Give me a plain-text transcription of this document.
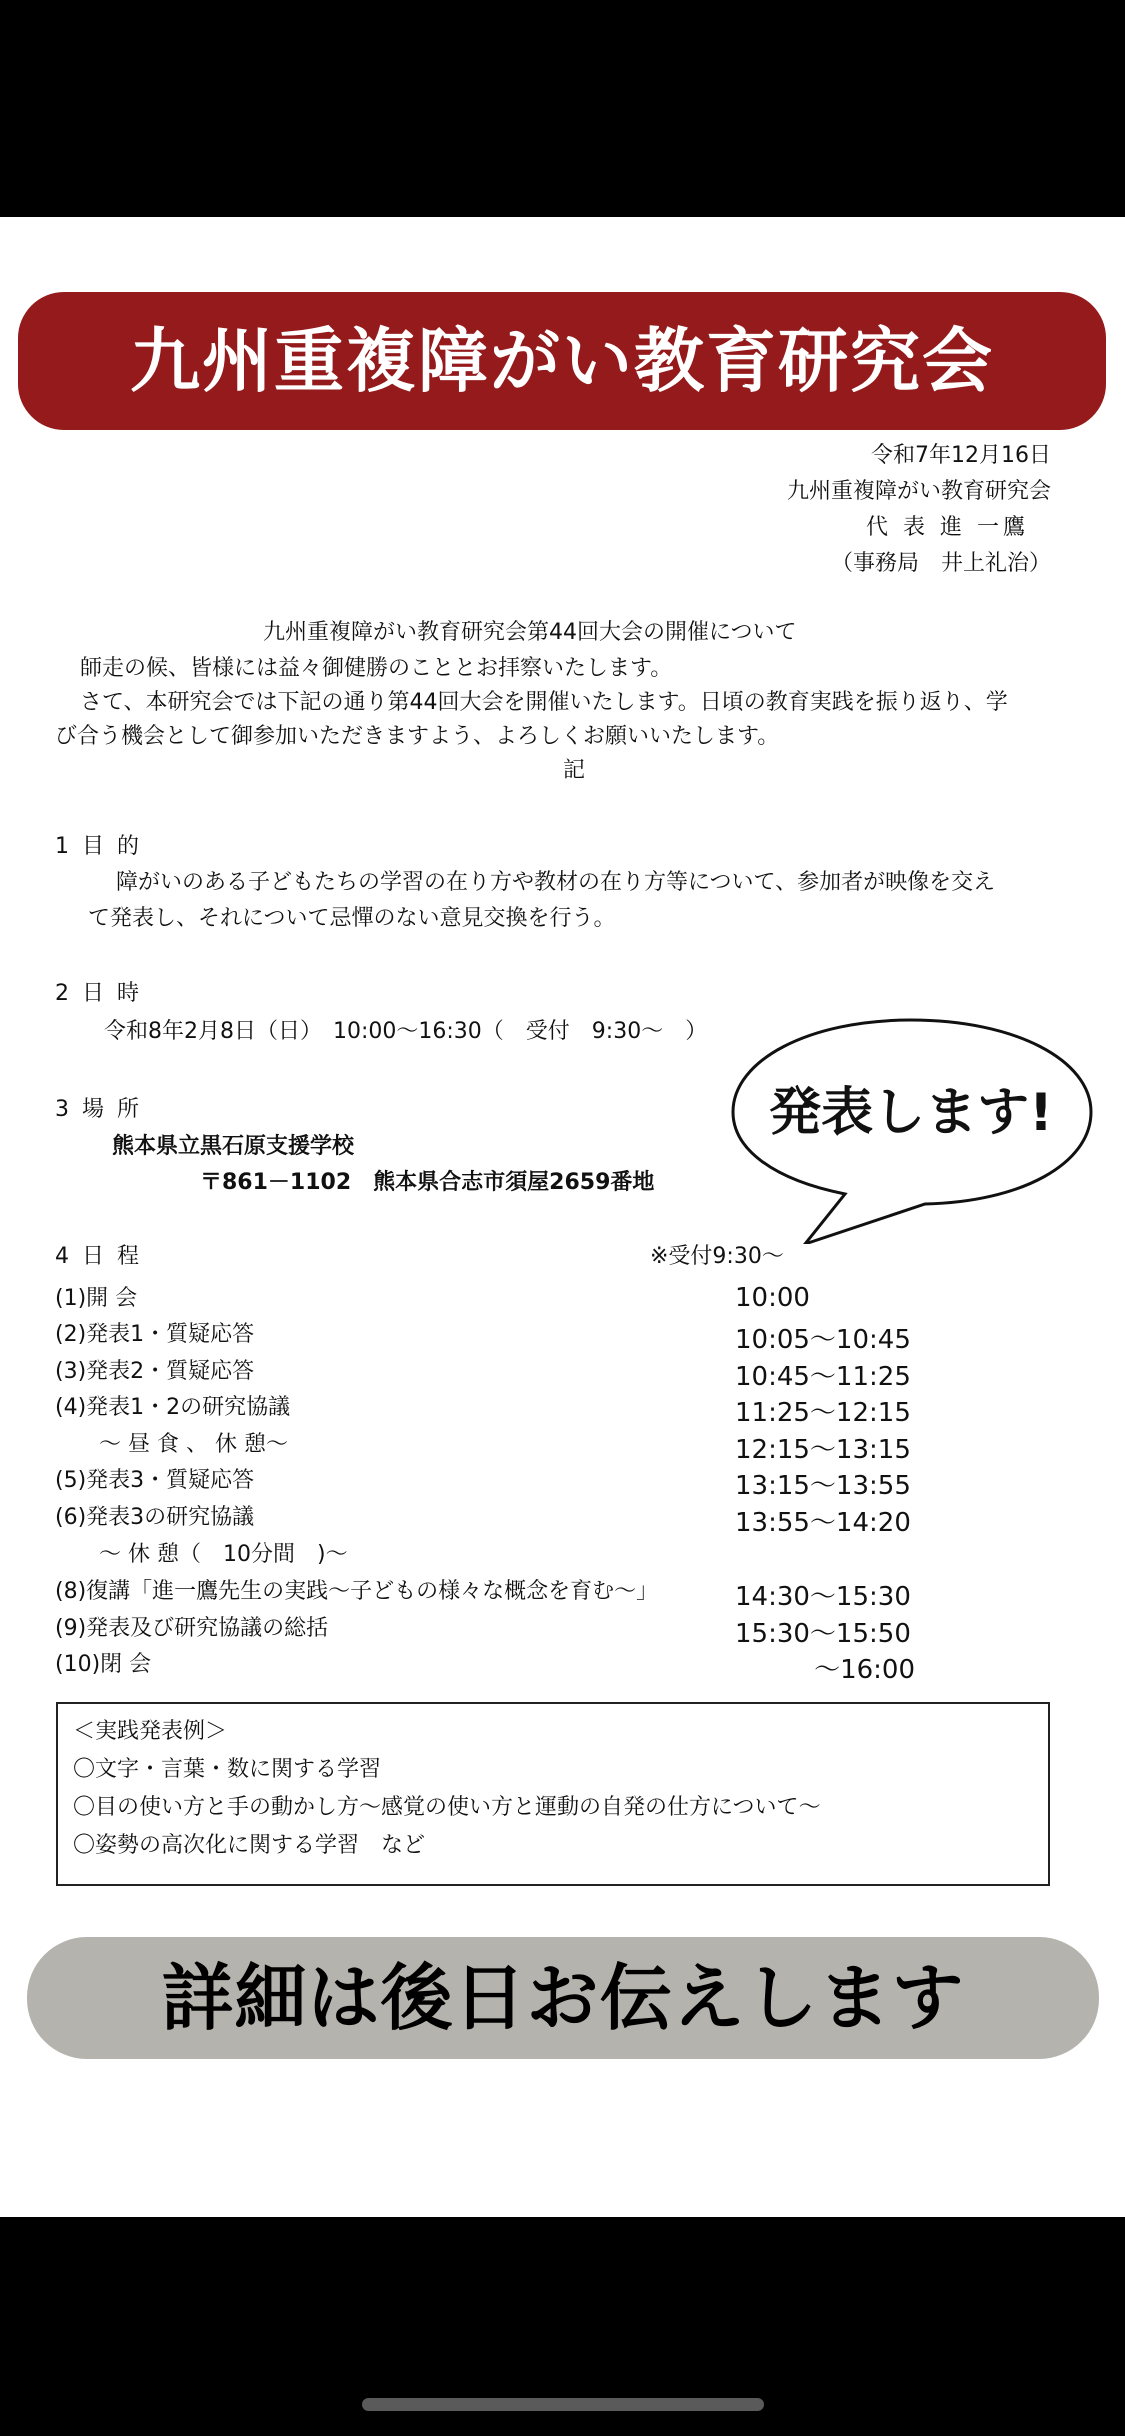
九州重複障がい教育研究会
令和7年12月16日
九州重複障がい教育研究会
代 表 進 一鷹
（事務局　井上礼治）
九州重複障がい教育研究会第44回大会の開催について
師走の候、皆様には益々御健勝のこととお拝察いたします。
さて、本研究会では下記の通り第44回大会を開催いたします。日頃の教育実践を振り返り、学
び合う機会として御参加いただきますよう、よろしくお願いいたします。
記
1 目 的
障がいのある子どもたちの学習の在り方や教材の在り方等について、参加者が映像を交え
て発表し、それについて忌憚のない意見交換を行う。
2 日 時
令和8年2月8日（日）　10:00～16:30（　受付　9:30～　）
3 場 所
熊本県立黒石原支援学校
〒861－1102　熊本県合志市須屋2659番地
4 日 程	※受付9:30～
(1)開 会	10:00
(2)発表1・質疑応答	10:05～10:45
(3)発表2・質疑応答	10:45～11:25
(4)発表1・2の研究協議	11:25～12:15
　　～ 昼 食 、 休 憩～	12:15～13:15
(5)発表3・質疑応答	13:15～13:55
(6)発表3の研究協議	13:55～14:20
　　～ 休 憩（　10分間　)～
(8)復講「進一鷹先生の実践～子どもの様々な概念を育む～」	14:30～15:30
(9)発表及び研究協議の総括	15:30～15:50
(10)閉 会	～16:00
＜実践発表例＞
〇文字・言葉・数に関する学習
〇目の使い方と手の動かし方～感覚の使い方と運動の自発の仕方について～
〇姿勢の高次化に関する学習　など
発表します!
詳細は後日お伝えします
